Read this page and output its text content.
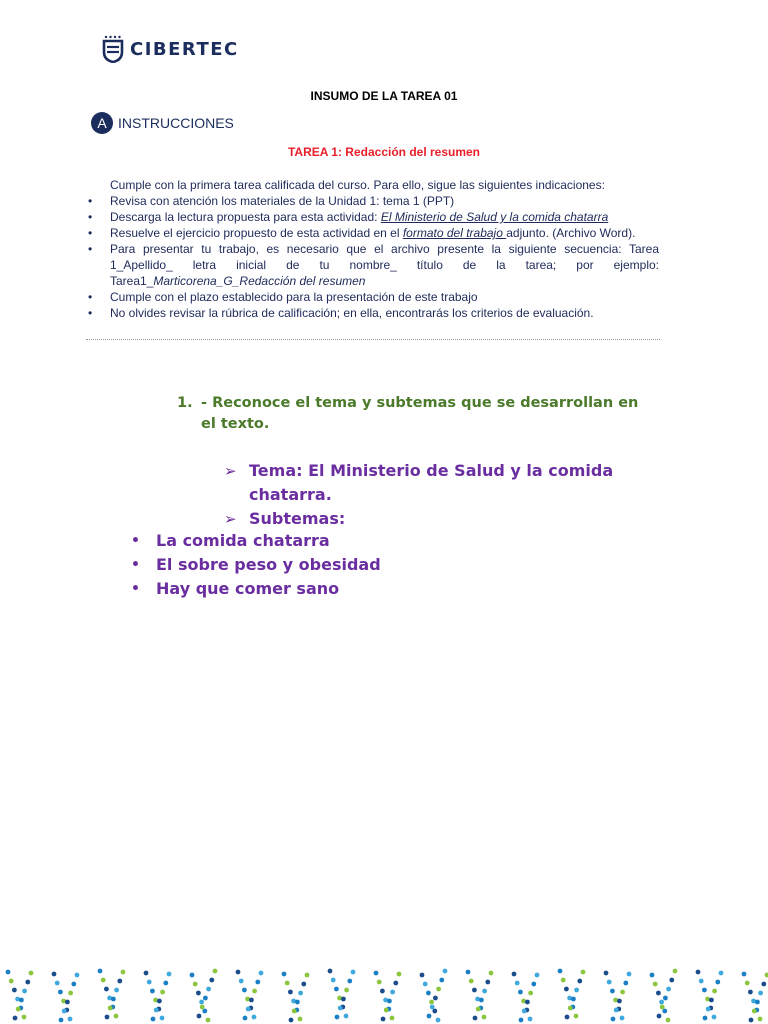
CIBERTEC
INSUMO DE LA TAREA 01
A INSTRUCCIONES
TAREA 1: Redacción del resumen
Cumple con la primera tarea calificada del curso. Para ello, sigue las siguientes indicaciones:
• Revisa con atención los materiales de la Unidad 1: tema 1 (PPT)
• Descarga la lectura propuesta para esta actividad: El Ministerio de Salud y la comida chatarra
• Resuelve el ejercicio propuesto de esta actividad en el formato del trabajo adjunto. (Archivo Word).
• Para presentar tu trabajo, es necesario que el archivo presente la siguiente secuencia: Tarea 1_Apellido_ letra inicial de tu nombre_ título de la tarea; por ejemplo: Tarea1_Marticorena_G_Redacción del resumen
• Cumple con el plazo establecido para la presentación de este trabajo
• No olvides revisar la rúbrica de calificación; en ella, encontrarás los criterios de evaluación.
1. - Reconoce el tema y subtemas que se desarrollan en el texto.
➢ Tema: El Ministerio de Salud y la comida chatarra.
➢ Subtemas:
• La comida chatarra
• El sobre peso y obesidad
• Hay que comer sano
